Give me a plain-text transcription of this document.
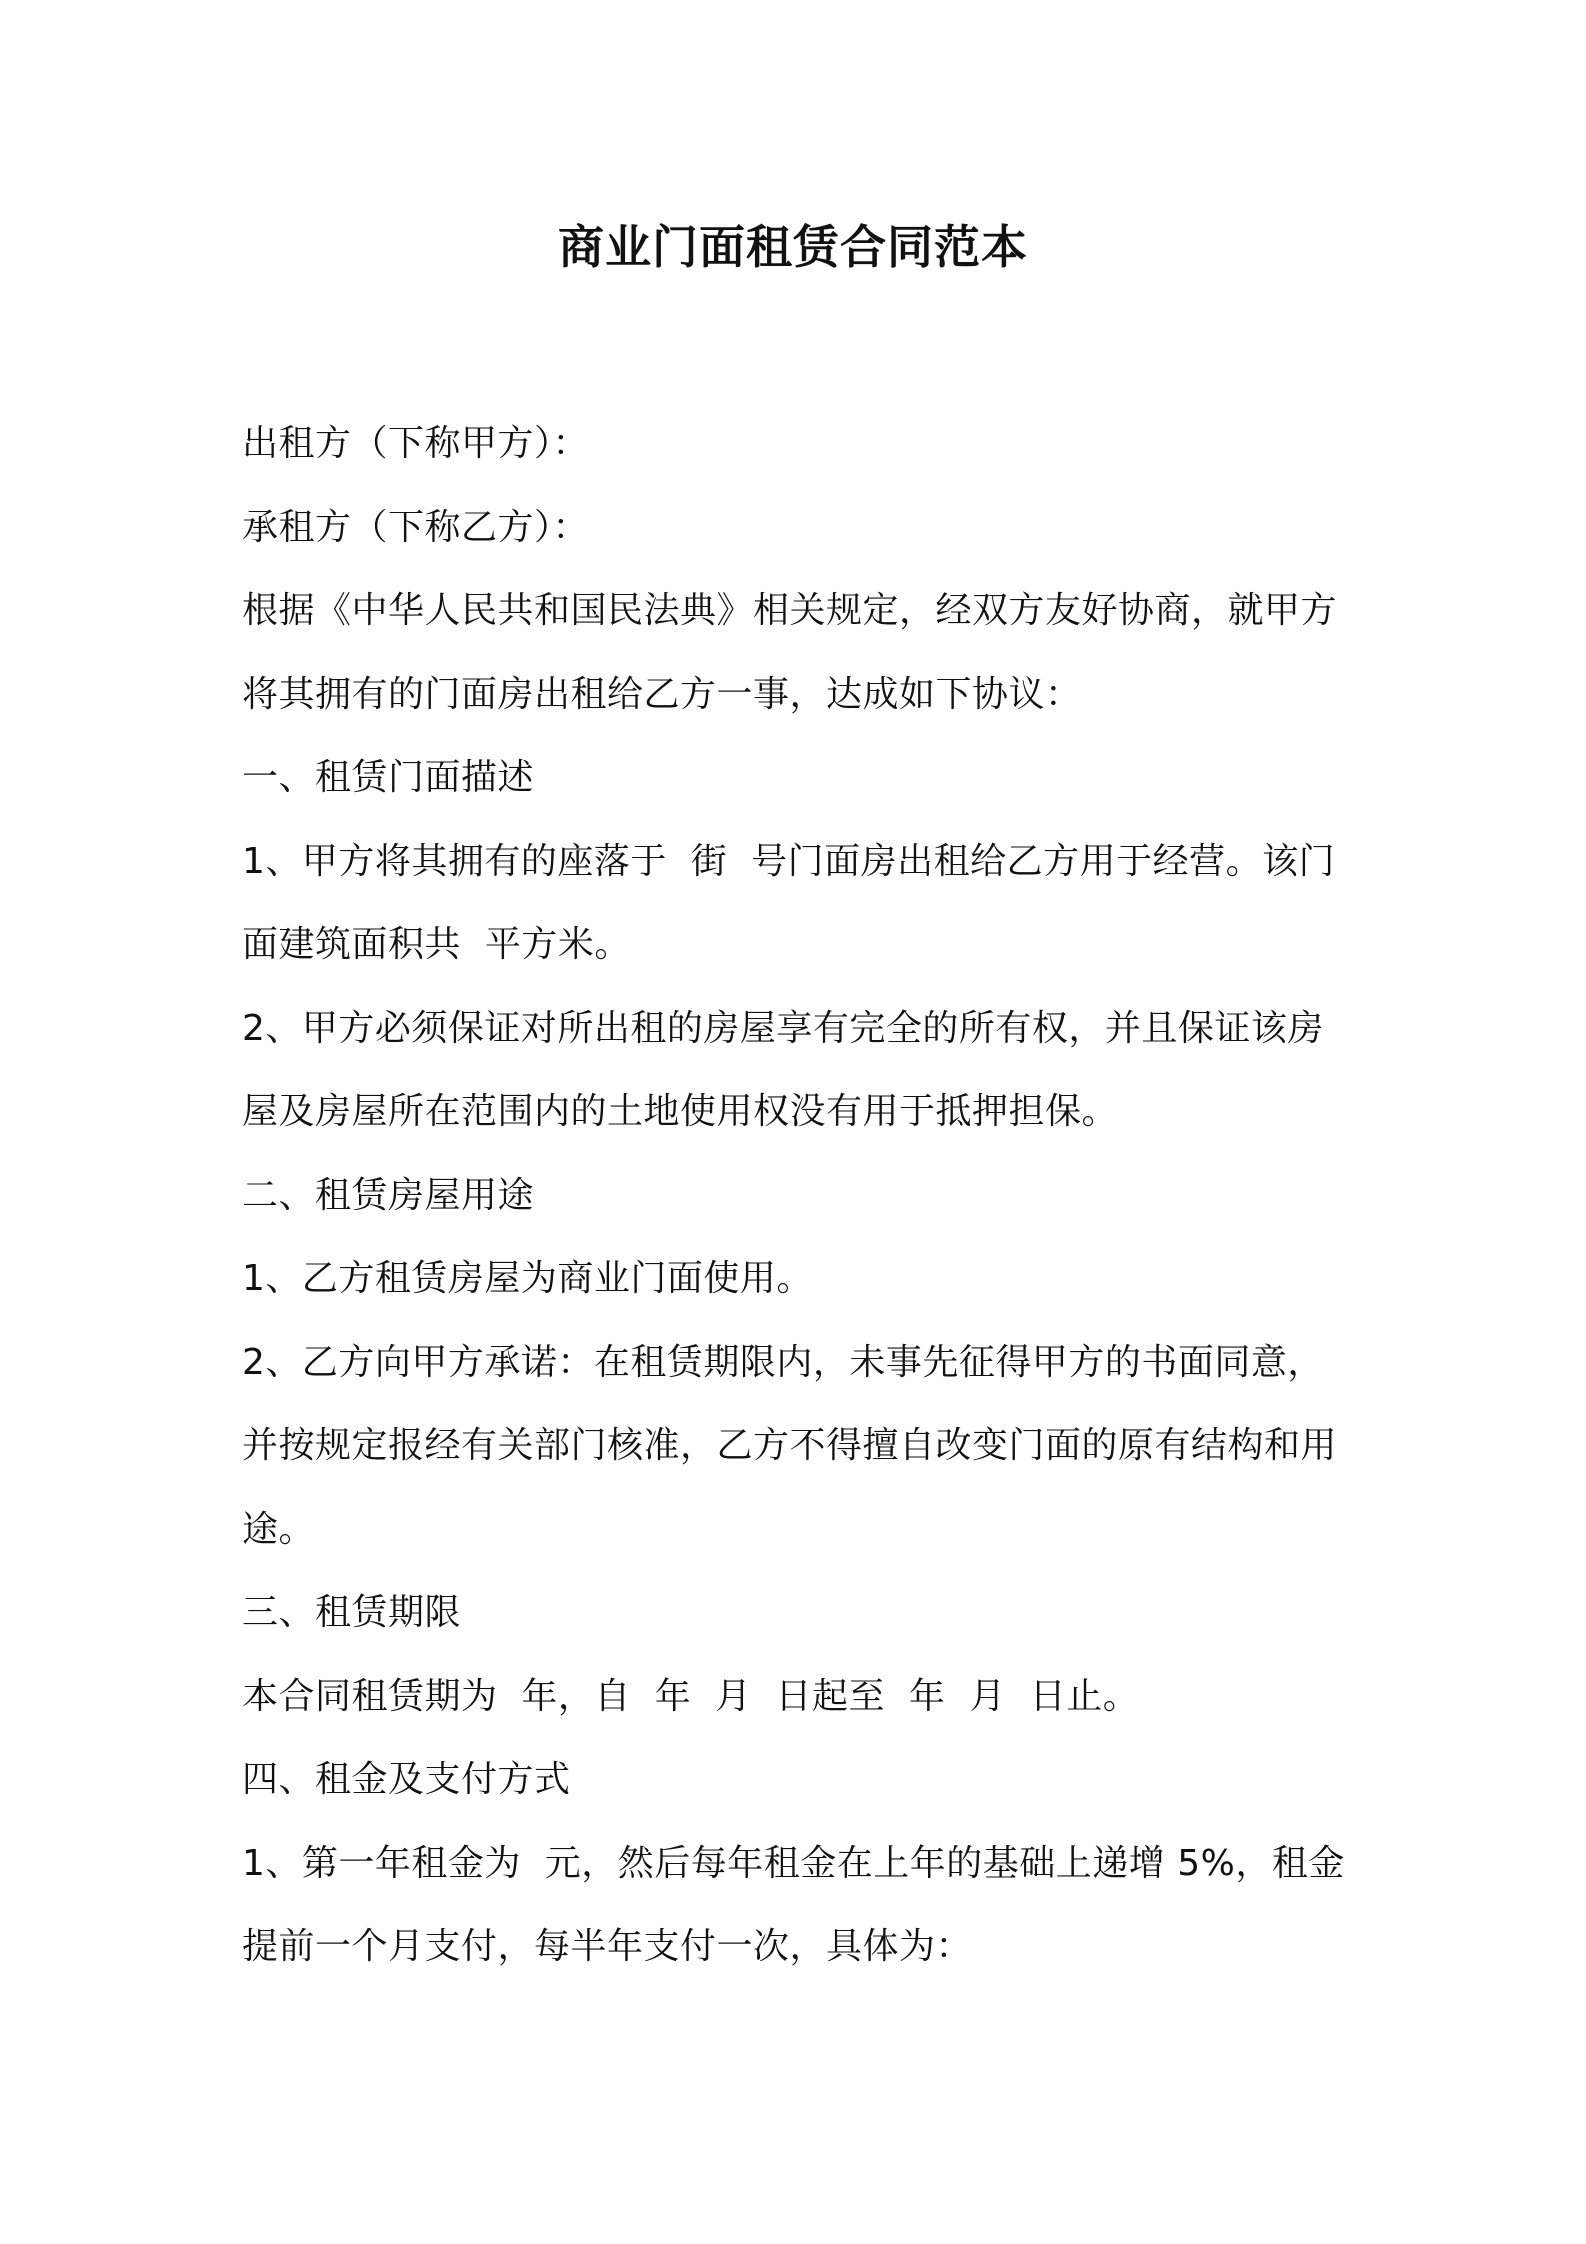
商业门面租赁合同范本
出租方（下称甲方）：
承租方（下称乙方）：
根据《中华人民共和国民法典》相关规定，经双方友好协商，就甲方
将其拥有的门面房出租给乙方一事，达成如下协议：
一、租赁门面描述
1、甲方将其拥有的座落于  街  号门面房出租给乙方用于经营。该门
面建筑面积共  平方米。
2、甲方必须保证对所出租的房屋享有完全的所有权，并且保证该房
屋及房屋所在范围内的土地使用权没有用于抵押担保。
二、租赁房屋用途
1、乙方租赁房屋为商业门面使用。
2、乙方向甲方承诺：在租赁期限内，未事先征得甲方的书面同意，
并按规定报经有关部门核准，乙方不得擅自改变门面的原有结构和用
途。
三、租赁期限
本合同租赁期为  年，自  年  月  日起至  年  月  日止。
四、租金及支付方式
1、第一年租金为  元，然后每年租金在上年的基础上递增 5%，租金
提前一个月支付，每半年支付一次，具体为：
